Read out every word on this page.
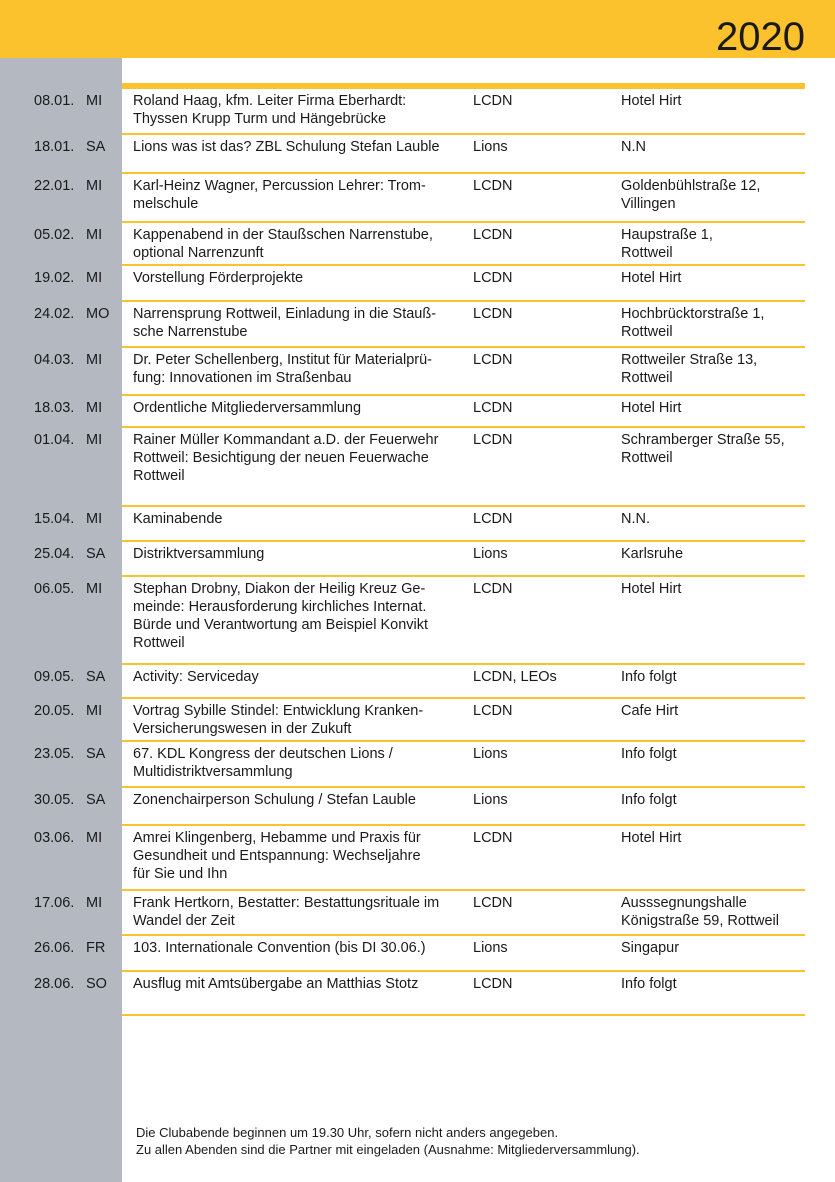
2020
08.01. MI	Roland Haag, kfm. Leiter Firma Eberhardt:
Thyssen Krupp Turm und Hängebrücke
LCDN	Hotel Hirt
18.01. SA	Lions was ist das? ZBL Schulung Stefan Lauble	Lions	N.N
22.01. MI	Karl-Heinz Wagner, Percussion Lehrer: Trom-
melschule
LCDN	Goldenbühlstraße 12,
Villingen
05.02. MI	Kappenabend in der Staußschen Narrenstube,
optional Narrenzunft
LCDN	Haupstraße 1,
Rottweil
19.02. MI	Vorstellung Förderprojekte	LCDN	Hotel Hirt
24.02. MO	Narrensprung Rottweil, Einladung in die Stauß-
sche Narrenstube
LCDN	Hochbrücktorstraße 1,
Rottweil
04.03. MI	Dr. Peter Schellenberg, Institut für Materialprü-
fung: Innovationen im Straßenbau
LCDN	Rottweiler Straße 13,
Rottweil
18.03. MI	Ordentliche Mitgliederversammlung	LCDN	Hotel Hirt
01.04. MI	Rainer Müller Kommandant a.D. der Feuerwehr
Rottweil: Besichtigung der neuen Feuerwache
Rottweil
LCDN	Schramberger Straße 55,
Rottweil
15.04. MI	Kaminabende	LCDN	N.N.
25.04. SA	Distriktversammlung	Lions	Karlsruhe
06.05. MI	Stephan Drobny, Diakon der Heilig Kreuz Ge-
meinde: Herausforderung kirchliches Internat.
Bürde und Verantwortung am Beispiel Konvikt
Rottweil
LCDN	Hotel Hirt
09.05. SA	Activity: Serviceday	LCDN, LEOs	Info folgt
20.05. MI	Vortrag Sybille Stindel: Entwicklung Kranken-
Versicherungswesen in der Zukuft
LCDN	Cafe Hirt
23.05. SA	67. KDL Kongress der deutschen Lions /
Multidistriktversammlung
Lions	Info folgt
30.05. SA	Zonenchairperson Schulung / Stefan Lauble	Lions	Info folgt
03.06. MI	Amrei Klingenberg, Hebamme und Praxis für
Gesundheit und Entspannung: Wechseljahre
für Sie und Ihn
LCDN	Hotel Hirt
17.06. MI	Frank Hertkorn, Bestatter: Bestattungsrituale im
Wandel der Zeit
LCDN	Ausssegnungshalle
Königstraße 59, Rottweil
26.06. FR	103. Internationale Convention (bis DI 30.06.)	Lions	Singapur
28.06. SO	Ausflug mit Amtsübergabe an Matthias Stotz	LCDN	Info folgt
Die Clubabende beginnen um 19.30 Uhr, sofern nicht anders angegeben.
Zu allen Abenden sind die Partner mit eingeladen (Ausnahme: Mitgliederversammlung).
